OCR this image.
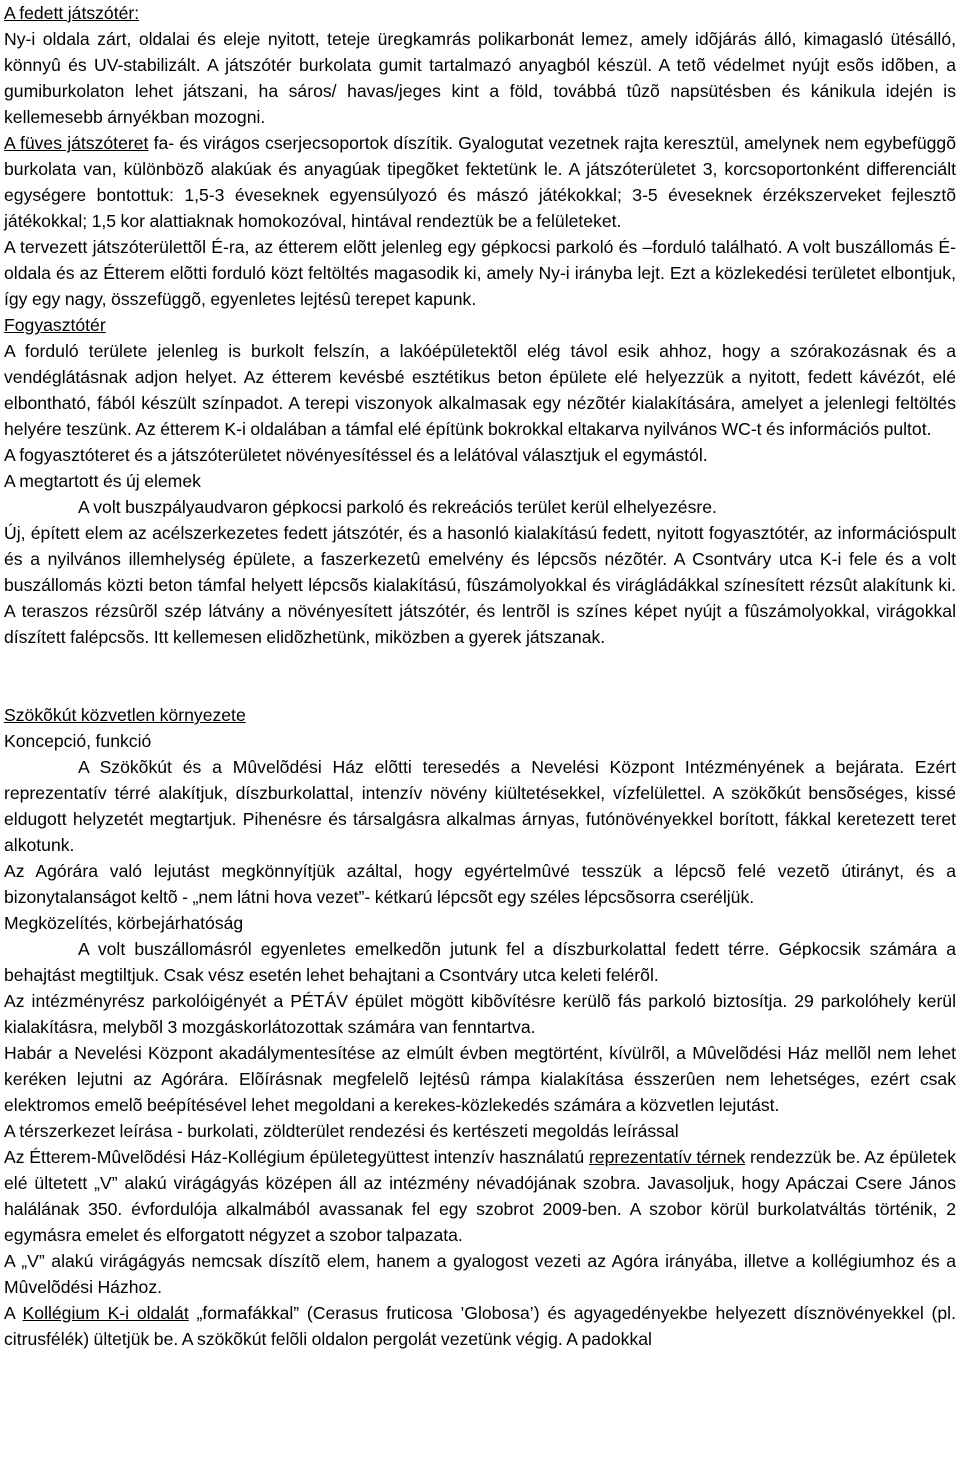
A fedett játszótér:

Ny-i oldala zárt, oldalai és eleje nyitott, teteje üregkamrás polikarbonát lemez, amely idõjárás álló, kimagasló ütésálló, könnyû és UV-stabilizált. A játszótér burkolata gumit tartalmazó anyagból készül. A tetõ védelmet nyújt esõs idõben, a gumiburkolaton lehet játszani, ha sáros/ havas/jeges kint a föld, továbbá tûzõ napsütésben és kánikula idején is kellemesebb árnyékban mozogni.

A füves játszóteret fa- és virágos cserjecsoportok díszítik. Gyalogutat vezetnek rajta keresztül, amelynek nem egybefüggõ burkolata van, különbözõ alakúak és anyagúak tipegõket fektetünk le. A játszóterületet 3, korcsoportonként differenciált egységere bontottuk: 1,5-3 éveseknek egyensúlyozó és mászó játékokkal; 3-5 éveseknek érzékszerveket fejlesztõ játékokkal; 1,5 kor alattiaknak homokozóval, hintával rendeztük be a felületeket.

A tervezett játszóterülettõl É-ra, az étterem elõtt jelenleg egy gépkocsi parkoló és –forduló található. A volt buszállomás É- oldala és az Étterem elõtti forduló közt feltöltés magasodik ki, amely Ny-i irányba lejt. Ezt a közlekedési területet elbontjuk, így egy nagy, összefüggõ, egyenletes lejtésû terepet kapunk.

Fogyasztótér

A forduló területe jelenleg is burkolt felszín, a lakóépületektõl elég távol esik ahhoz, hogy a szórakozásnak és a vendéglátásnak adjon helyet. Az étterem kevésbé esztétikus beton épülete elé helyezzük a nyitott, fedett kávézót, elé elbontható, fából készült színpadot. A terepi viszonyok alkalmasak egy nézõtér kialakítására, amelyet a jelenlegi feltöltés helyére teszünk. Az étterem K-i oldalában a támfal elé építünk bokrokkal eltakarva nyilvános WC-t és információs pultot.

A fogyasztóteret és a játszóterületet növényesítéssel és a lelátóval választjuk el egymástól.

A megtartott és új elemek

A volt buszpályaudvaron gépkocsi parkoló és rekreációs terület kerül elhelyezésre.

Új, épített elem az acélszerkezetes fedett játszótér, és a hasonló kialakítású fedett, nyitott fogyasztótér, az információspult és a nyilvános illemhelység épülete, a faszerkezetû emelvény és lépcsõs nézõtér. A Csontváry utca K-i fele és a volt buszállomás közti beton támfal helyett lépcsõs kialakítású, fûszámolyokkal és virágládákkal színesített rézsût alakítunk ki. A teraszos rézsûrõl szép látvány a növényesített játszótér, és lentrõl is színes képet nyújt a fûszámolyokkal, virágokkal díszített falépcsõs. Itt kellemesen elidõzhetünk, miközben a gyerek játszanak.

Szökõkút közvetlen környezete

Koncepció, funkció

A Szökõkút és a Mûvelõdési Ház elõtti teresedés a Nevelési Központ Intézményének a bejárata. Ezért reprezentatív térré alakítjuk, díszburkolattal, intenzív növény kiültetésekkel, vízfelülettel. A szökõkút bensõséges, kissé eldugott helyzetét megtartjuk. Pihenésre és társalgásra alkalmas árnyas, futónövényekkel borított, fákkal keretezett teret alkotunk.

Az Agórára való lejutást megkönnyítjük azáltal, hogy egyértelmûvé tesszük a lépcsõ felé vezetõ útirányt, és a bizonytalanságot keltõ - „nem látni hova vezet”- kétkarú lépcsõt egy széles lépcsõsorra cseréljük.

Megközelítés, körbejárhatóság

A volt buszállomásról egyenletes emelkedõn jutunk fel a díszburkolattal fedett térre. Gépkocsik számára a behajtást megtiltjuk. Csak vész esetén lehet behajtani a Csontváry utca keleti felérõl.

Az intézményrész parkolóigényét a PÉTÁV épület mögött kibõvítésre kerülõ fás parkoló biztosítja. 29 parkolóhely kerül kialakításra, melybõl 3 mozgáskorlátozottak számára van fenntartva.

Habár a Nevelési Központ akadálymentesítése az elmúlt évben megtörtént, kívülrõl, a Mûvelõdési Ház mellõl nem lehet keréken lejutni az Agórára. Elõírásnak megfelelõ lejtésû rámpa kialakítása ésszerûen nem lehetséges, ezért csak elektromos emelõ beépítésével lehet megoldani a kerekes-közlekedés számára a közvetlen lejutást.

A térszerkezet leírása - burkolati, zöldterület rendezési és kertészeti megoldás leírással

Az Étterem-Mûvelõdési Ház-Kollégium épületegyüttest intenzív használatú reprezentatív térnek rendezzük be. Az épületek elé ültetett „V” alakú virágágyás középen áll az intézmény névadójának szobra. Javasoljuk, hogy Apáczai Csere János halálának 350. évfordulója alkalmából avassanak fel egy szobrot 2009-ben. A szobor körül burkolatváltás történik, 2 egymásra emelet és elforgatott négyzet a szobor talpazata.

A „V” alakú virágágyás nemcsak díszítõ elem, hanem a gyalogost vezeti az Agóra irányába, illetve a kollégiumhoz és a Mûvelõdési Házhoz.

A Kollégium K-i oldalát „formafákkal” (Cerasus fruticosa ’Globosa’) és agyagedényekbe helyezett dísznövényekkel (pl. citrusfélék) ültetjük be. A szökõkút felõli oldalon pergolát vezetünk végig. A padokkal
